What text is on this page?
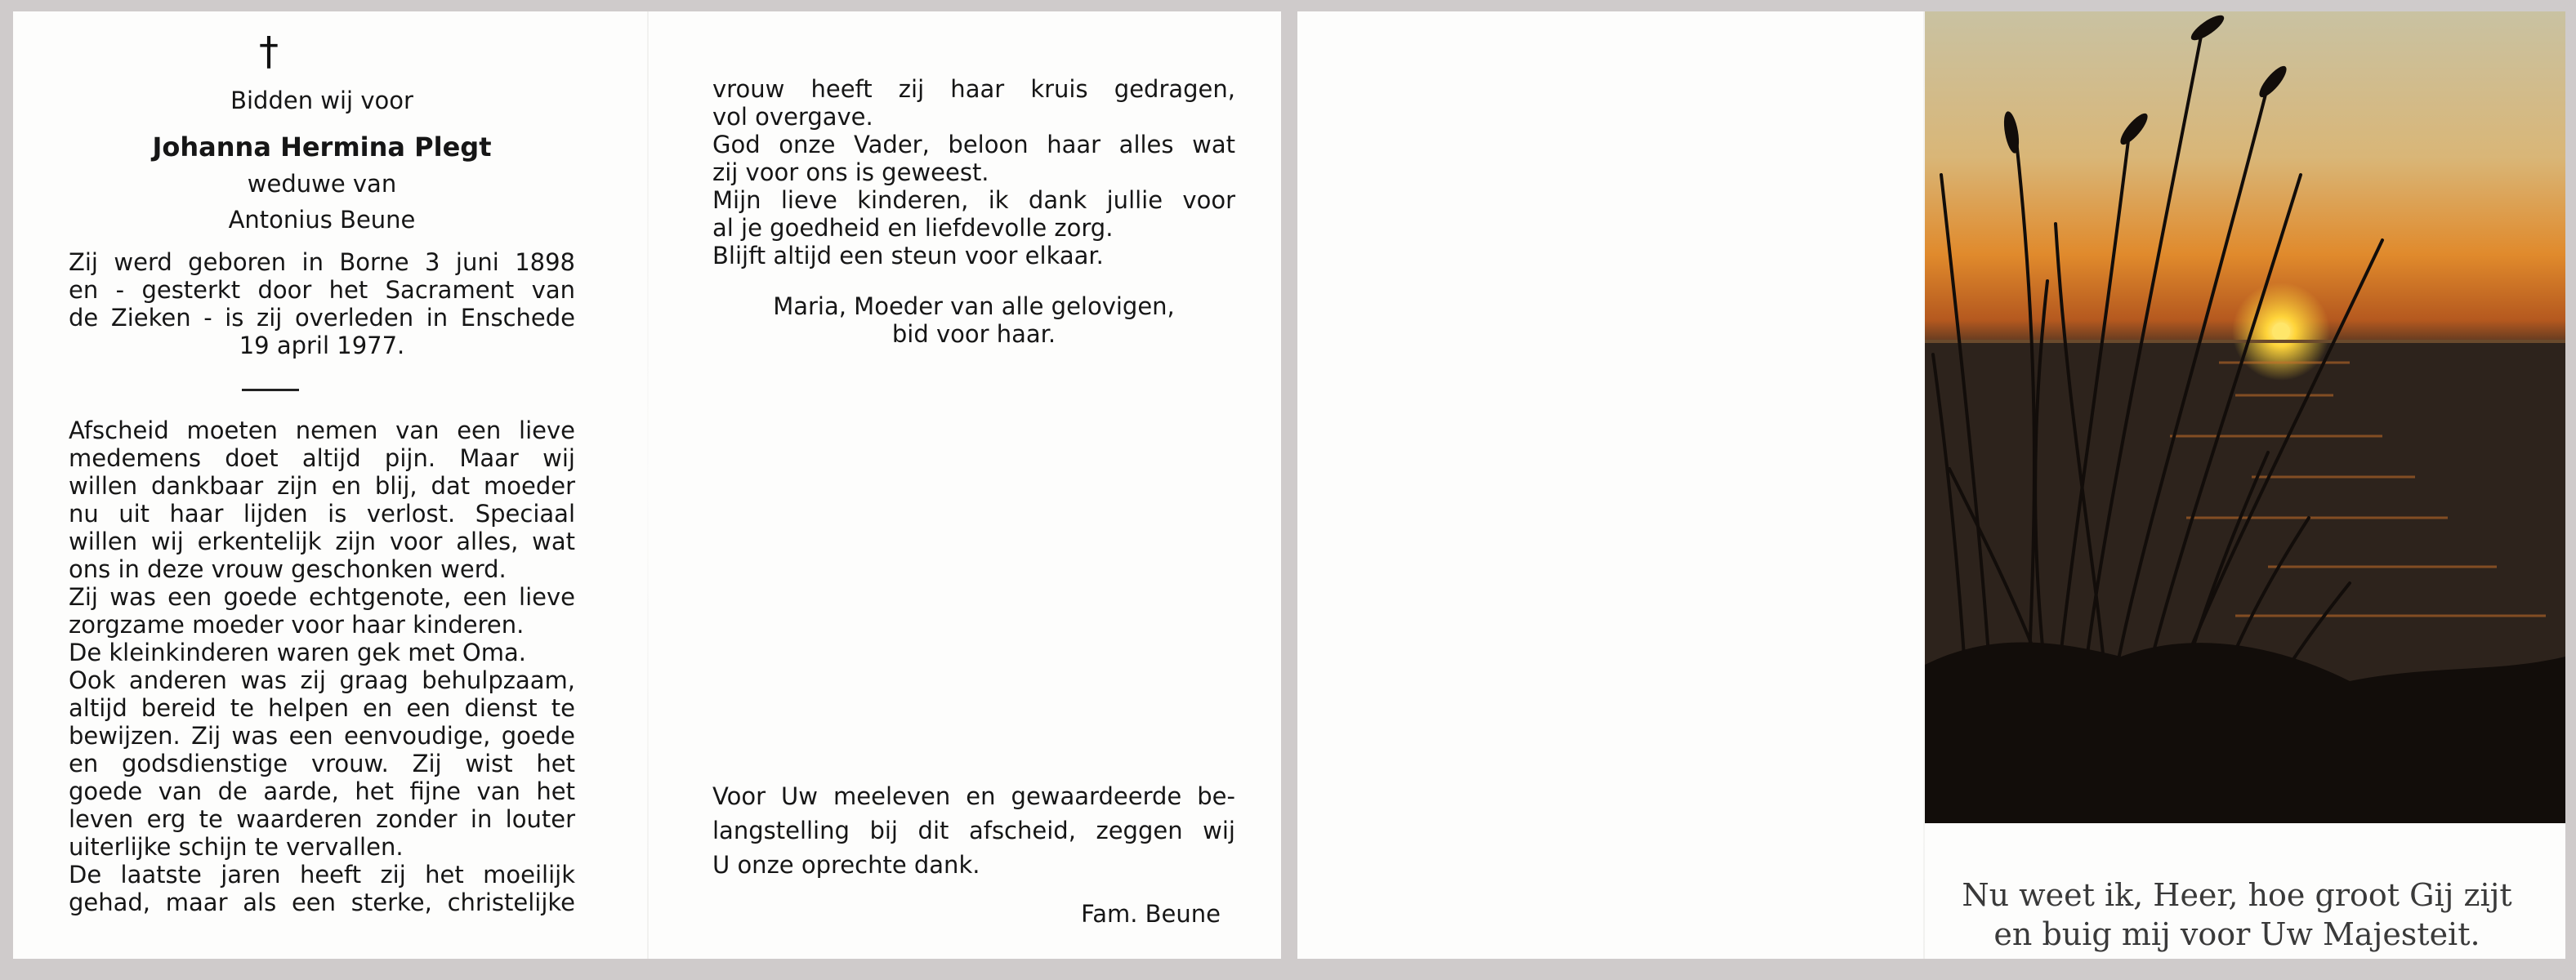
†
Bidden wij voor
Johanna Hermina Plegt
weduwe van
Antonius Beune
Zij werd geboren in Borne 3 juni 1898
en - gesterkt door het Sacrament van
de Zieken - is zij overleden in Enschede
19 april 1977.
Afscheid moeten nemen van een lieve
medemens doet altijd pijn. Maar wij
willen dankbaar zijn en blij, dat moeder
nu uit haar lijden is verlost. Speciaal
willen wij erkentelijk zijn voor alles, wat
ons in deze vrouw geschonken werd.
Zij was een goede echtgenote, een lieve
zorgzame moeder voor haar kinderen.
De kleinkinderen waren gek met Oma.
Ook anderen was zij graag behulpzaam,
altijd bereid te helpen en een dienst te
bewijzen. Zij was een eenvoudige, goede
en godsdienstige vrouw. Zij wist het
goede van de aarde, het fijne van het
leven erg te waarderen zonder in louter
uiterlijke schijn te vervallen.
De laatste jaren heeft zij het moeilijk
gehad, maar als een sterke, christelijke
vrouw heeft zij haar kruis gedragen,
vol overgave.
God onze Vader, beloon haar alles wat
zij voor ons is geweest.
Mijn lieve kinderen, ik dank jullie voor
al je goedheid en liefdevolle zorg.
Blijft altijd een steun voor elkaar.
Maria, Moeder van alle gelovigen,
bid voor haar.
Voor Uw meeleven en gewaardeerde be-
langstelling bij dit afscheid, zeggen wij
U onze oprechte dank.
Fam. Beune
Nu weet ik, Heer, hoe groot Gij zijt
en buig mij voor Uw Majesteit.
